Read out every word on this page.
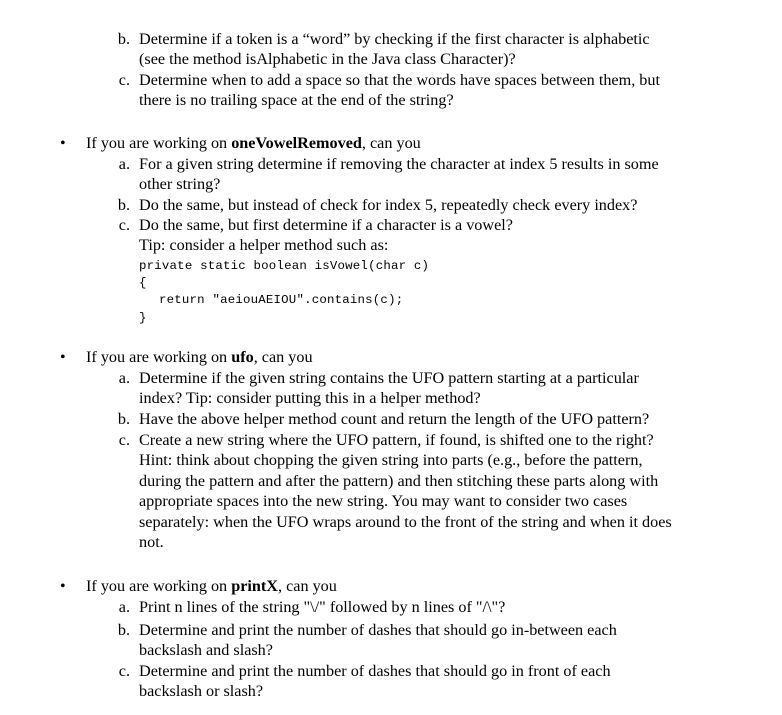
b. Determine if a token is a “word” by checking if the first character is alphabetic
(see the method isAlphabetic in the Java class Character)?
c. Determine when to add a space so that the words have spaces between them, but
there is no trailing space at the end of the string?
• If you are working on oneVowelRemoved, can you
a. For a given string determine if removing the character at index 5 results in some
other string?
b. Do the same, but instead of check for index 5, repeatedly check every index?
c. Do the same, but first determine if a character is a vowel?
Tip: consider a helper method such as:
private static boolean isVowel(char c)
{
return "aeiouAEIOU".contains(c);
}
• If you are working on ufo, can you
a. Determine if the given string contains the UFO pattern starting at a particular
index? Tip: consider putting this in a helper method?
b. Have the above helper method count and return the length of the UFO pattern?
c. Create a new string where the UFO pattern, if found, is shifted one to the right?
Hint: think about chopping the given string into parts (e.g., before the pattern,
during the pattern and after the pattern) and then stitching these parts along with
appropriate spaces into the new string. You may want to consider two cases
separately: when the UFO wraps around to the front of the string and when it does
not.
• If you are working on printX, can you
a. Print n lines of the string "\/" followed by n lines of "/\"?
b. Determine and print the number of dashes that should go in-between each
backslash and slash?
c. Determine and print the number of dashes that should go in front of each
backslash or slash?
